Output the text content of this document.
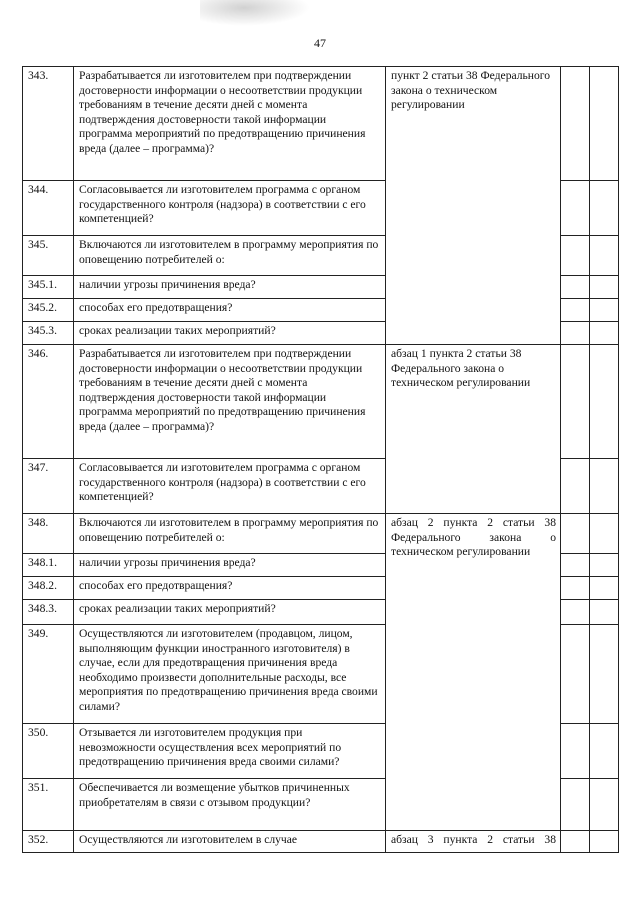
47
343.	Разрабатывается ли изготовителем при подтверждении достоверности информации о несоответствии продукции требованиям в течение десяти дней с момента подтверждения достоверности такой информации программа мероприятий по предотвращению причинения вреда (далее – программа)?	пункт 2 статьи 38 Федерального закона о техническом регулировании		
344.	Согласовывается ли изготовителем программа с органом государственного контроля (надзора) в соответствии с его компетенцией?			
345.	Включаются ли изготовителем в программу мероприятия по оповещению потребителей о:			
345.1.	наличии угрозы причинения вреда?			
345.2.	способах его предотвращения?			
345.3.	сроках реализации таких мероприятий?			
346.	Разрабатывается ли изготовителем при подтверждении достоверности информации о несоответствии продукции требованиям в течение десяти дней с момента подтверждения достоверности такой информации программа мероприятий по предотвращению причинения вреда (далее – программа)?	абзац 1 пункта 2 статьи 38 Федерального закона о техническом регулировании		
347.	Согласовывается ли изготовителем программа с органом государственного контроля (надзора) в соответствии с его компетенцией?			
348.	Включаются ли изготовителем в программу мероприятия по оповещению потребителей о:	абзац 2 пункта 2 статьи 38
Федерального закона о
техническом регулировании		

348.1.	наличии угрозы причинения вреда?			
348.2.	способах его предотвращения?			
348.3.	сроках реализации таких мероприятий?			
349.	Осуществляются ли изготовителем (продавцом, лицом, выполняющим функции иностранного изготовителя) в случае, если для предотвращения причинения вреда необходимо произвести дополнительные расходы, все мероприятия по предотвращению причинения вреда своими силами?			
350.	Отзывается ли изготовителем продукция при невозможности осуществления всех мероприятий по предотвращению причинения вреда своими силами?			
351.	Обеспечивается ли возмещение убытков причиненных приобретателям в связи с отзывом продукции?			
352.	Осуществляются ли изготовителем в случае	абзац 3 пункта 2 статьи 38		
